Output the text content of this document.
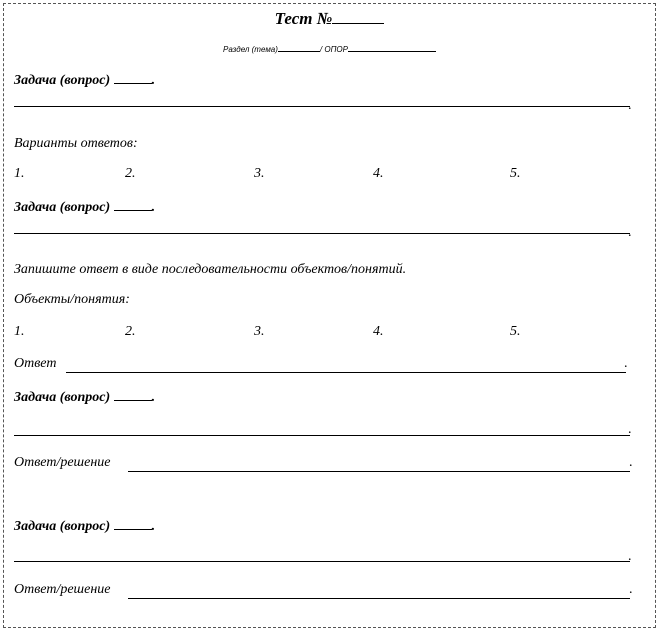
Тест №
Раздел (тема)	/ ОПОР
Задача (вопрос)	.
.
Варианты ответов:
1.	2.	3.	4.	5.
Задача (вопрос)	.
.
Запишите ответ в виде последовательности объектов/понятий.
Объекты/понятия:
1.	2.	3.	4.	5.
Ответ	.
Задача (вопрос)	.
.
Ответ/решение	.
Задача (вопрос)	.
.
Ответ/решение	.
